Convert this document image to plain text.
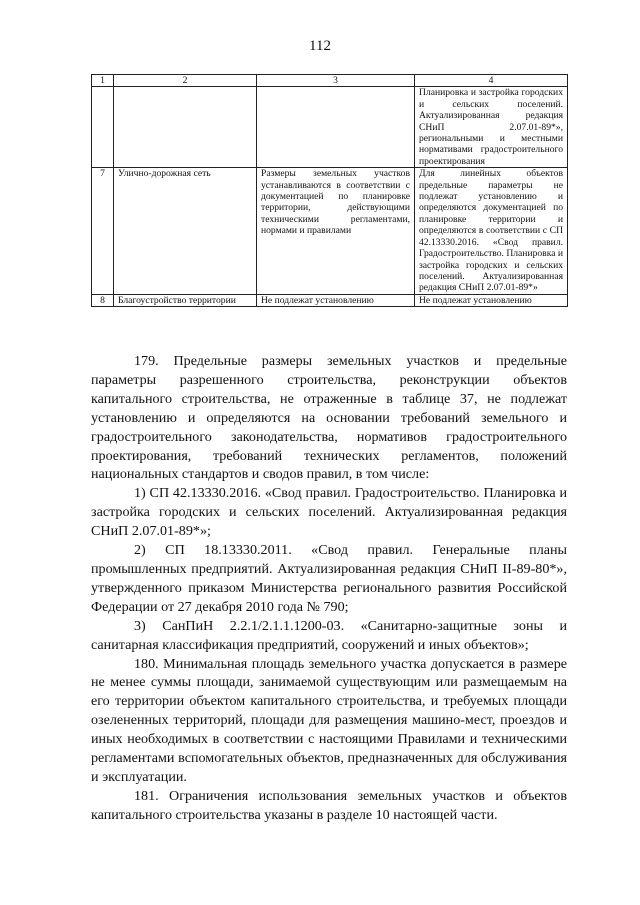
112
1	2	3	4
			Планировка и застройка городских и сельских поселений. Актуализированная редакция СНиП 2.07.01-89*», региональными и местными нормативами градостроительного проектирования
7	Улично-дорожная сеть	Размеры земельных участков устанавливаются в соответствии с документацией по планировке территории, действующими техническими регламентами, нормами и правилами	Для линейных объектов предельные параметры не подлежат установлению и определяются документацией по планировке территории и определяются в соответствии с СП 42.13330.2016. «Свод правил. Градостроительство. Планировка и застройка городских и сельских поселений. Актуализированная редакция СНиП 2.07.01-89*»
8	Благоустройство территории	Не подлежат установлению	Не подлежат установлению

179. Предельные размеры земельных участков и предельные параметры разрешенного строительства, реконструкции объектов капитального строительства, не отраженные в таблице 37, не подлежат установлению и определяются на основании требований земельного и градостроительного законодательства, нормативов градостроительного проектирования, требований технических регламентов, положений национальных стандартов и сводов правил, в том числе:

1) СП 42.13330.2016. «Свод правил. Градостроительство. Планировка и застройка городских и сельских поселений. Актуализированная редакция СНиП 2.07.01-89*»;

2) СП 18.13330.2011. «Свод правил. Генеральные планы промышленных предприятий. Актуализированная редакция СНиП II-89-80*», утвержденного приказом Министерства регионального развития Российской Федерации от 27 декабря 2010 года № 790;

3) СанПиН 2.2.1/2.1.1.1200-03. «Санитарно-защитные зоны и санитарная классификация предприятий, сооружений и иных объектов»;

180. Минимальная площадь земельного участка допускается в размере не менее суммы площади, занимаемой существующим или размещаемым на его территории объектом капитального строительства, и требуемых площади озелененных территорий, площади для размещения машино-мест, проездов и иных необходимых в соответствии с настоящими Правилами и техническими регламентами вспомогательных объектов, предназначенных для обслуживания и эксплуатации.

181. Ограничения использования земельных участков и объектов капитального строительства указаны в разделе 10 настоящей части.
